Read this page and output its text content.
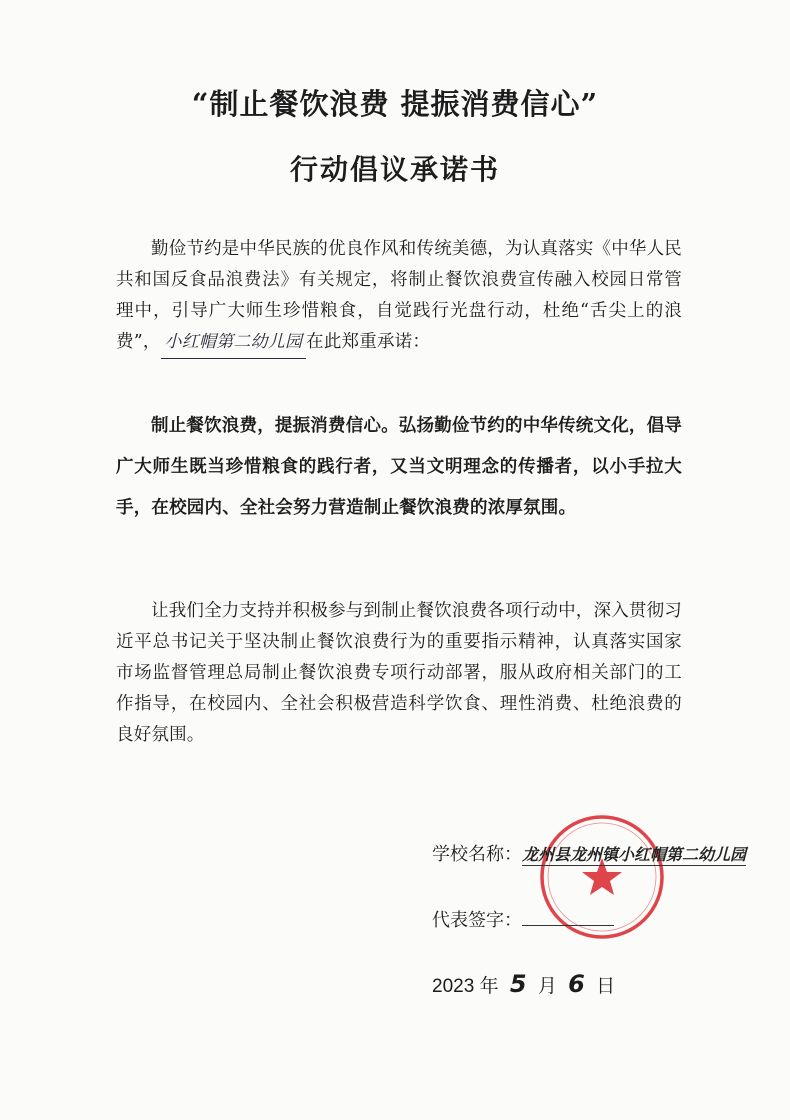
“制止餐饮浪费 提振消费信心”
行动倡议承诺书
勤俭节约是中华民族的优良作风和传统美德，为认真落实《中华人民共和国反食品浪费法》有关规定，将制止餐饮浪费宣传融入校园日常管理中，引导广大师生珍惜粮食，自觉践行光盘行动，杜绝“舌尖上的浪费”， 小红帽第二幼儿园 在此郑重承诺：
制止餐饮浪费，提振消费信心。弘扬勤俭节约的中华传统文化，倡导广大师生既当珍惜粮食的践行者，又当文明理念的传播者，以小手拉大手，在校园内、全社会努力营造制止餐饮浪费的浓厚氛围。
让我们全力支持并积极参与到制止餐饮浪费各项行动中，深入贯彻习近平总书记关于坚决制止餐饮浪费行为的重要指示精神，认真落实国家市场监督管理总局制止餐饮浪费专项行动部署，服从政府相关部门的工作指导，在校园内、全社会积极营造科学饮食、理性消费、杜绝浪费的良好氛围。
学校名称：龙州县龙州镇小红帽第二幼儿园
代表签字：
2023 年 5 月 6 日
